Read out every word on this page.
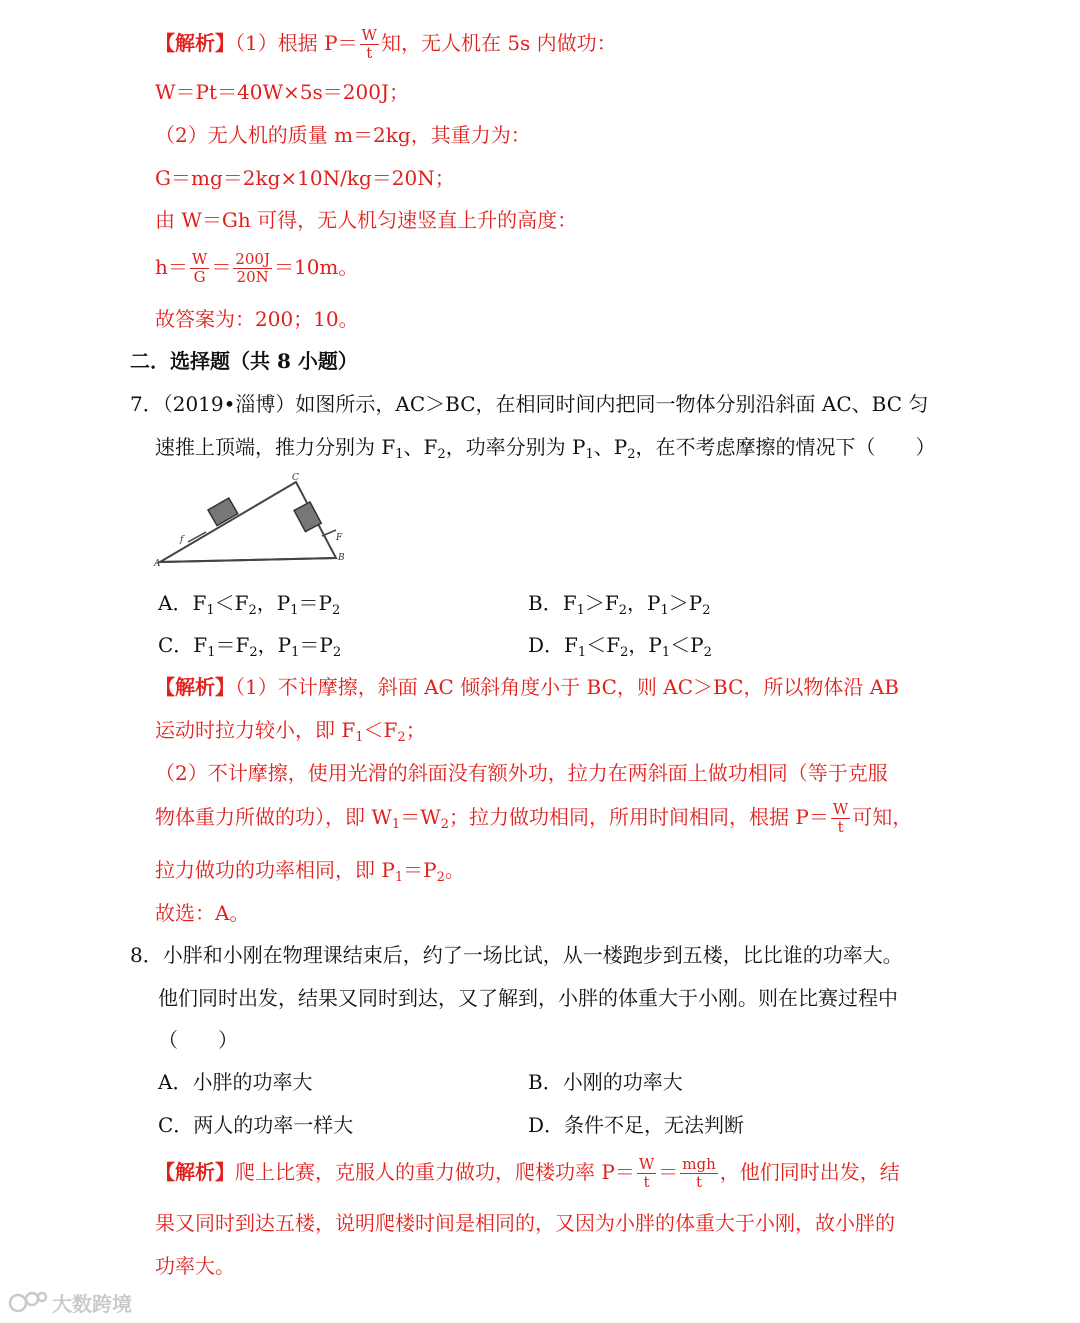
【解析】（1）根据 $P= \frac{W}{t}$ 知，无人机在 5s 内做功：
W＝Pt＝40W×5s＝200J；
（2）无人机的质量 m＝2kg，其重力为：
G＝mg＝2kg×10N/kg＝20N；
由 W＝Gh 可得，无人机匀速竖直上升的高度：
$h= \frac{W}{G} = \frac{200J}{20N} =10m$。
故答案为：200；10。
二．选择题（共 8 小题）
7．（2019•淄博）如图所示，AC＞BC，在相同时间内把同一物体分别沿斜面 AC、BC 匀
速推上顶端，推力分别为 $F_1$、$F_2$，功率分别为 $P_1$、$P_2$，在不考虑摩擦的情况下（　　）
C
A
B
f	F
A．$F_1<F_2$，$P_1=P_2$	B．$F_1>F_2$，$P_1>P_2$
C．$F_1=F_2$，$P_1=P_2$	D．$F_1<F_2$，$P_1<P_2$
【解析】（1）不计摩擦，斜面 AC 倾斜角度小于 BC，则 AC＞BC，所以物体沿 AB
运动时拉力较小，即 $F_1<F_2$；
（2）不计摩擦，使用光滑的斜面没有额外功，拉力在两斜面上做功相同（等于克服
物体重力所做的功），即 $W_1=W_2$；拉力做功相同，所用时间相同，根据 $P= \frac{W}{t}$ 可知，
拉力做功的功率相同，即 $P_1=P_2$。
故选：A。
8．小胖和小刚在物理课结束后，约了一场比试，从一楼跑步到五楼，比比谁的功率大。
他们同时出发，结果又同时到达，又了解到，小胖的体重大于小刚。则在比赛过程中
（　　）
A．小胖的功率大	B．小刚的功率大
C．两人的功率一样大	D．条件不足，无法判断
【解析】爬上比赛，克服人的重力做功，爬楼功率 $P= \frac{W}{t} = \frac{\text{mgh}}{t}$ ，他们同时出发，结
果又同时到达五楼，说明爬楼时间是相同的，又因为小胖的体重大于小刚，故小胖的
功率大。
大数跨境
